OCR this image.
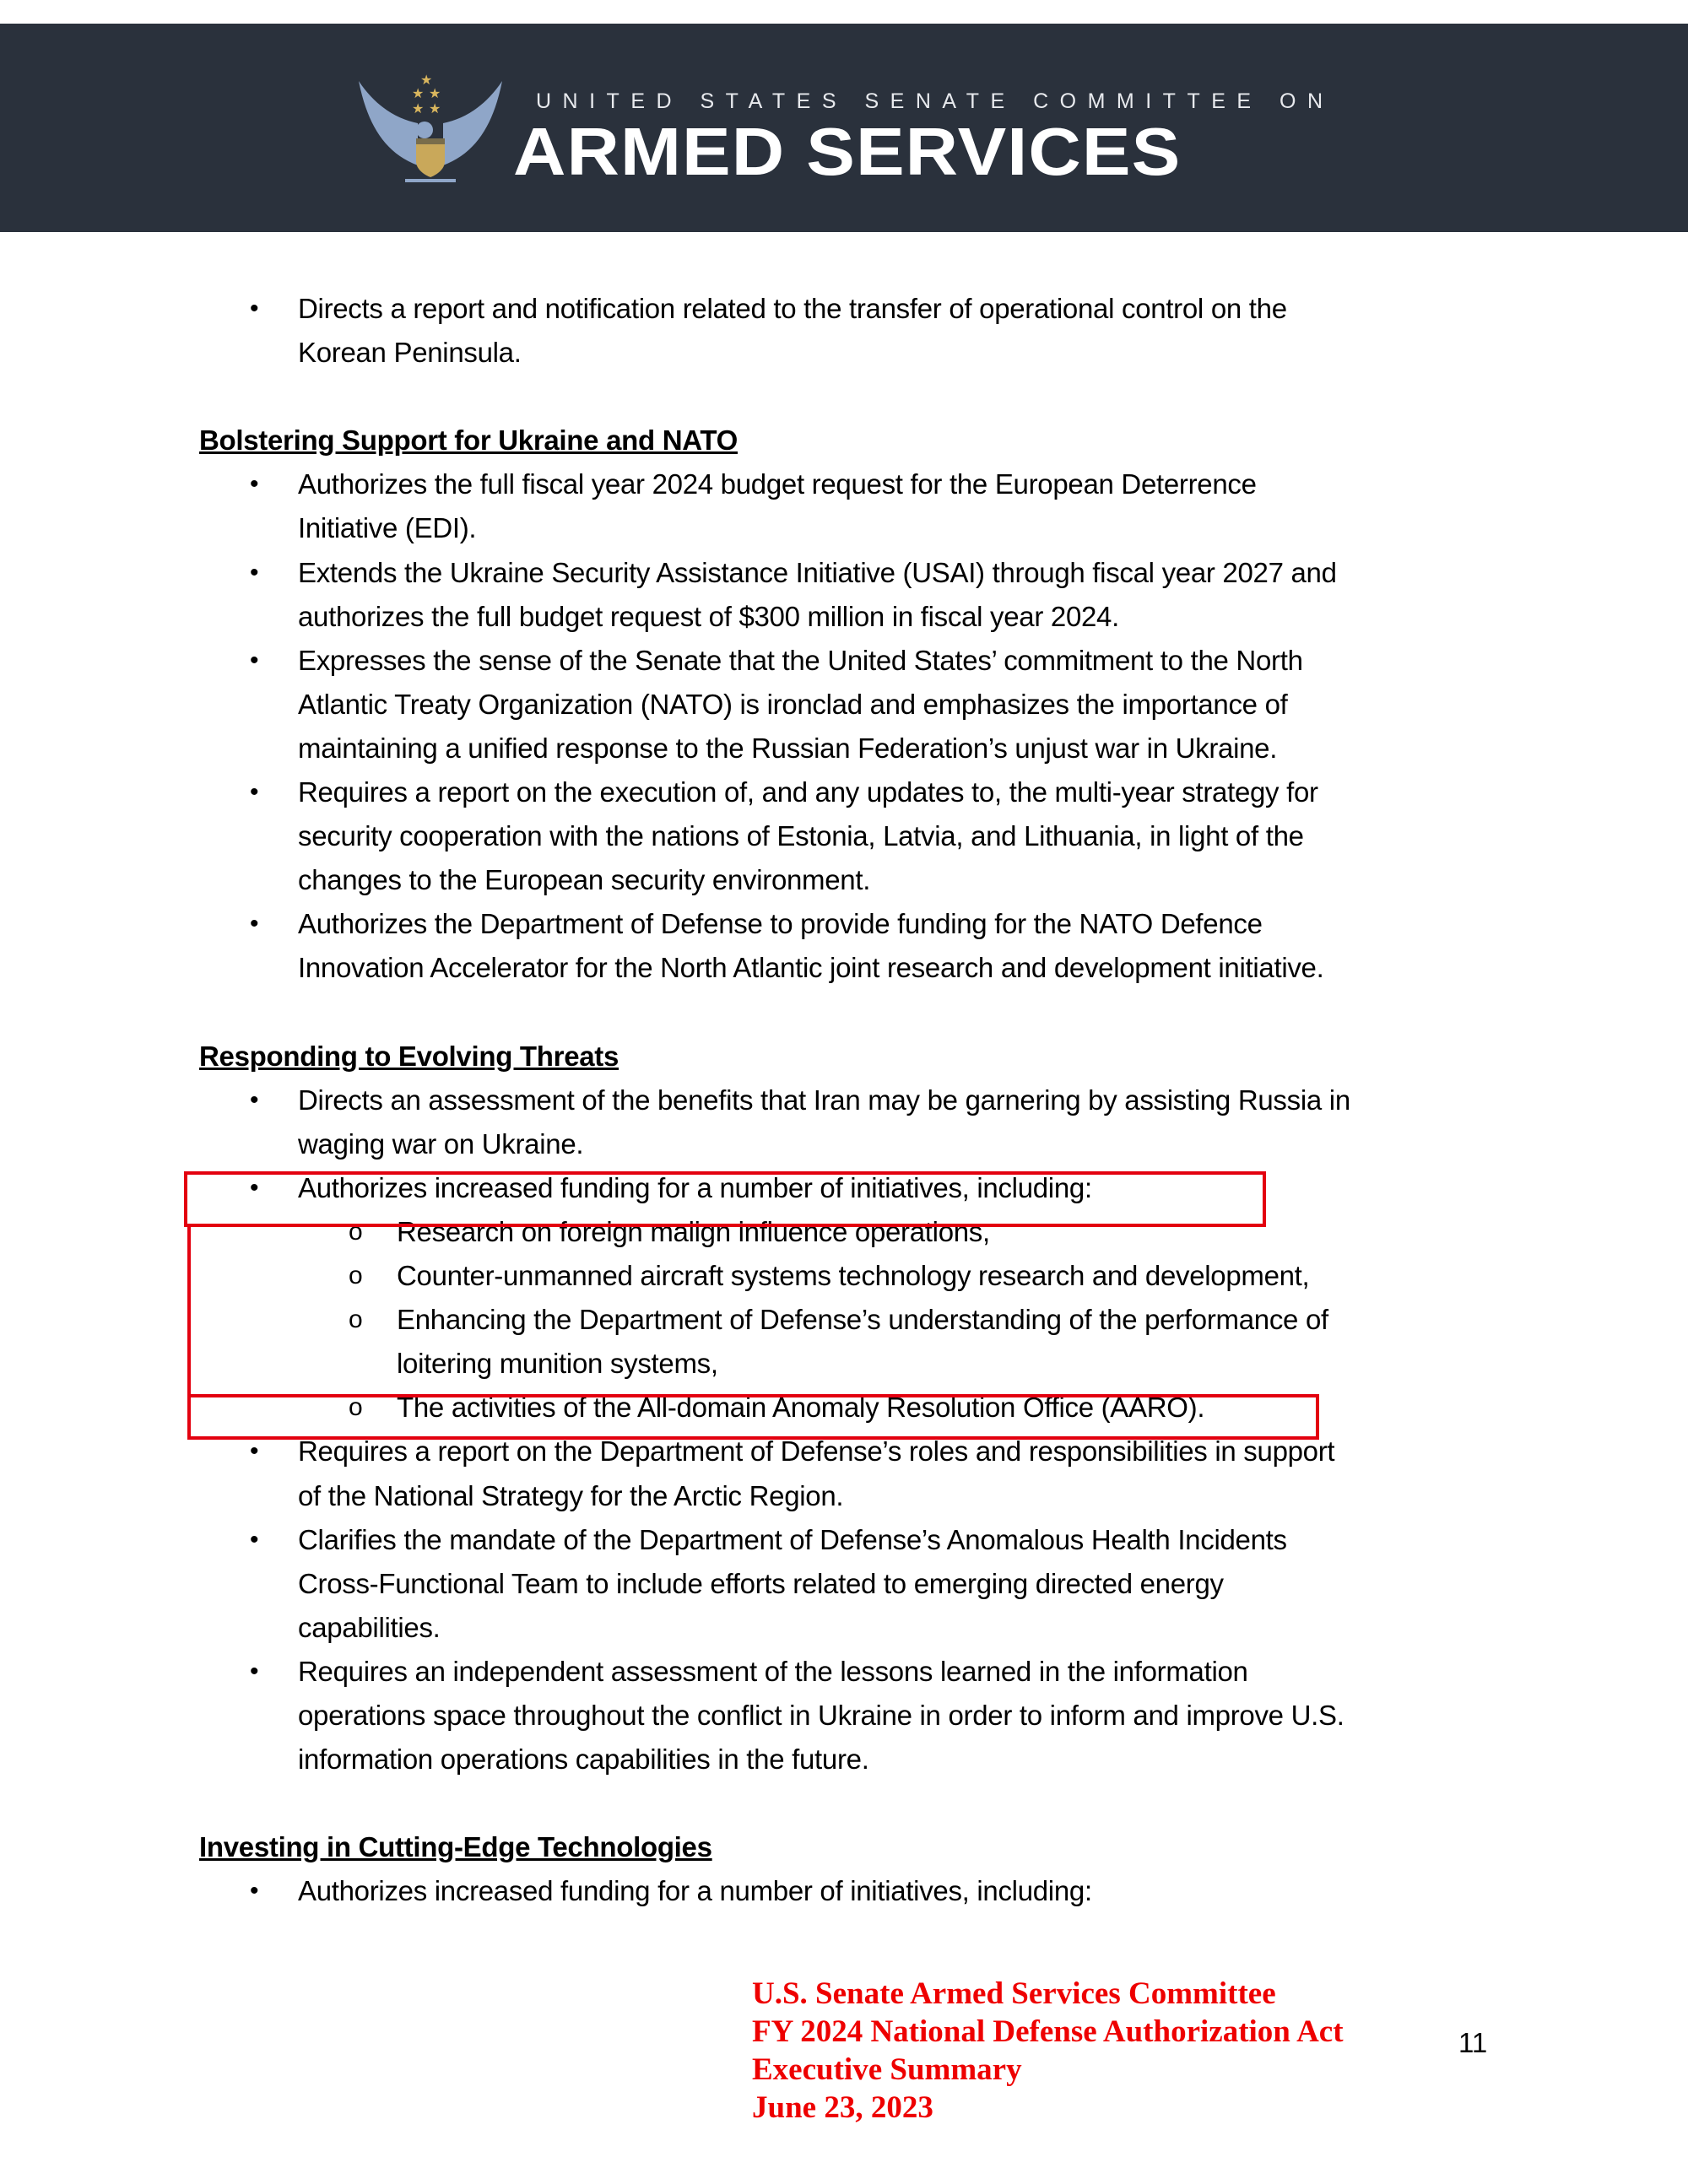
★
★ ★
★ ★	UNITED STATES SENATE COMMITTEE ON
ARMED SERVICES
• Directs a report and notification related to the transfer of operational control on the
Korean Peninsula.
Bolstering Support for Ukraine and NATO
• Authorizes the full fiscal year 2024 budget request for the European Deterrence
Initiative (EDI).
• Extends the Ukraine Security Assistance Initiative (USAI) through fiscal year 2027 and
authorizes the full budget request of $300 million in fiscal year 2024.
• Expresses the sense of the Senate that the United States’ commitment to the North
Atlantic Treaty Organization (NATO) is ironclad and emphasizes the importance of
maintaining a unified response to the Russian Federation’s unjust war in Ukraine.
• Requires a report on the execution of, and any updates to, the multi-year strategy for
security cooperation with the nations of Estonia, Latvia, and Lithuania, in light of the
changes to the European security environment.
• Authorizes the Department of Defense to provide funding for the NATO Defence
Innovation Accelerator for the North Atlantic joint research and development initiative.
Responding to Evolving Threats
• Directs an assessment of the benefits that Iran may be garnering by assisting Russia in
waging war on Ukraine.
• Authorizes increased funding for a number of initiatives, including:
o Research on foreign malign influence operations,
o Counter-unmanned aircraft systems technology research and development,
o Enhancing the Department of Defense’s understanding of the performance of
loitering munition systems,
o The activities of the All-domain Anomaly Resolution Office (AARO).
• Requires a report on the Department of Defense’s roles and responsibilities in support
of the National Strategy for the Arctic Region.
• Clarifies the mandate of the Department of Defense’s Anomalous Health Incidents
Cross-Functional Team to include efforts related to emerging directed energy
capabilities.
• Requires an independent assessment of the lessons learned in the information
operations space throughout the conflict in Ukraine in order to inform and improve U.S.
information operations capabilities in the future.
Investing in Cutting-Edge Technologies
• Authorizes increased funding for a number of initiatives, including:
U.S. Senate Armed Services Committee
FY 2024 National Defense Authorization Act
Executive Summary
June 23, 2023
11
